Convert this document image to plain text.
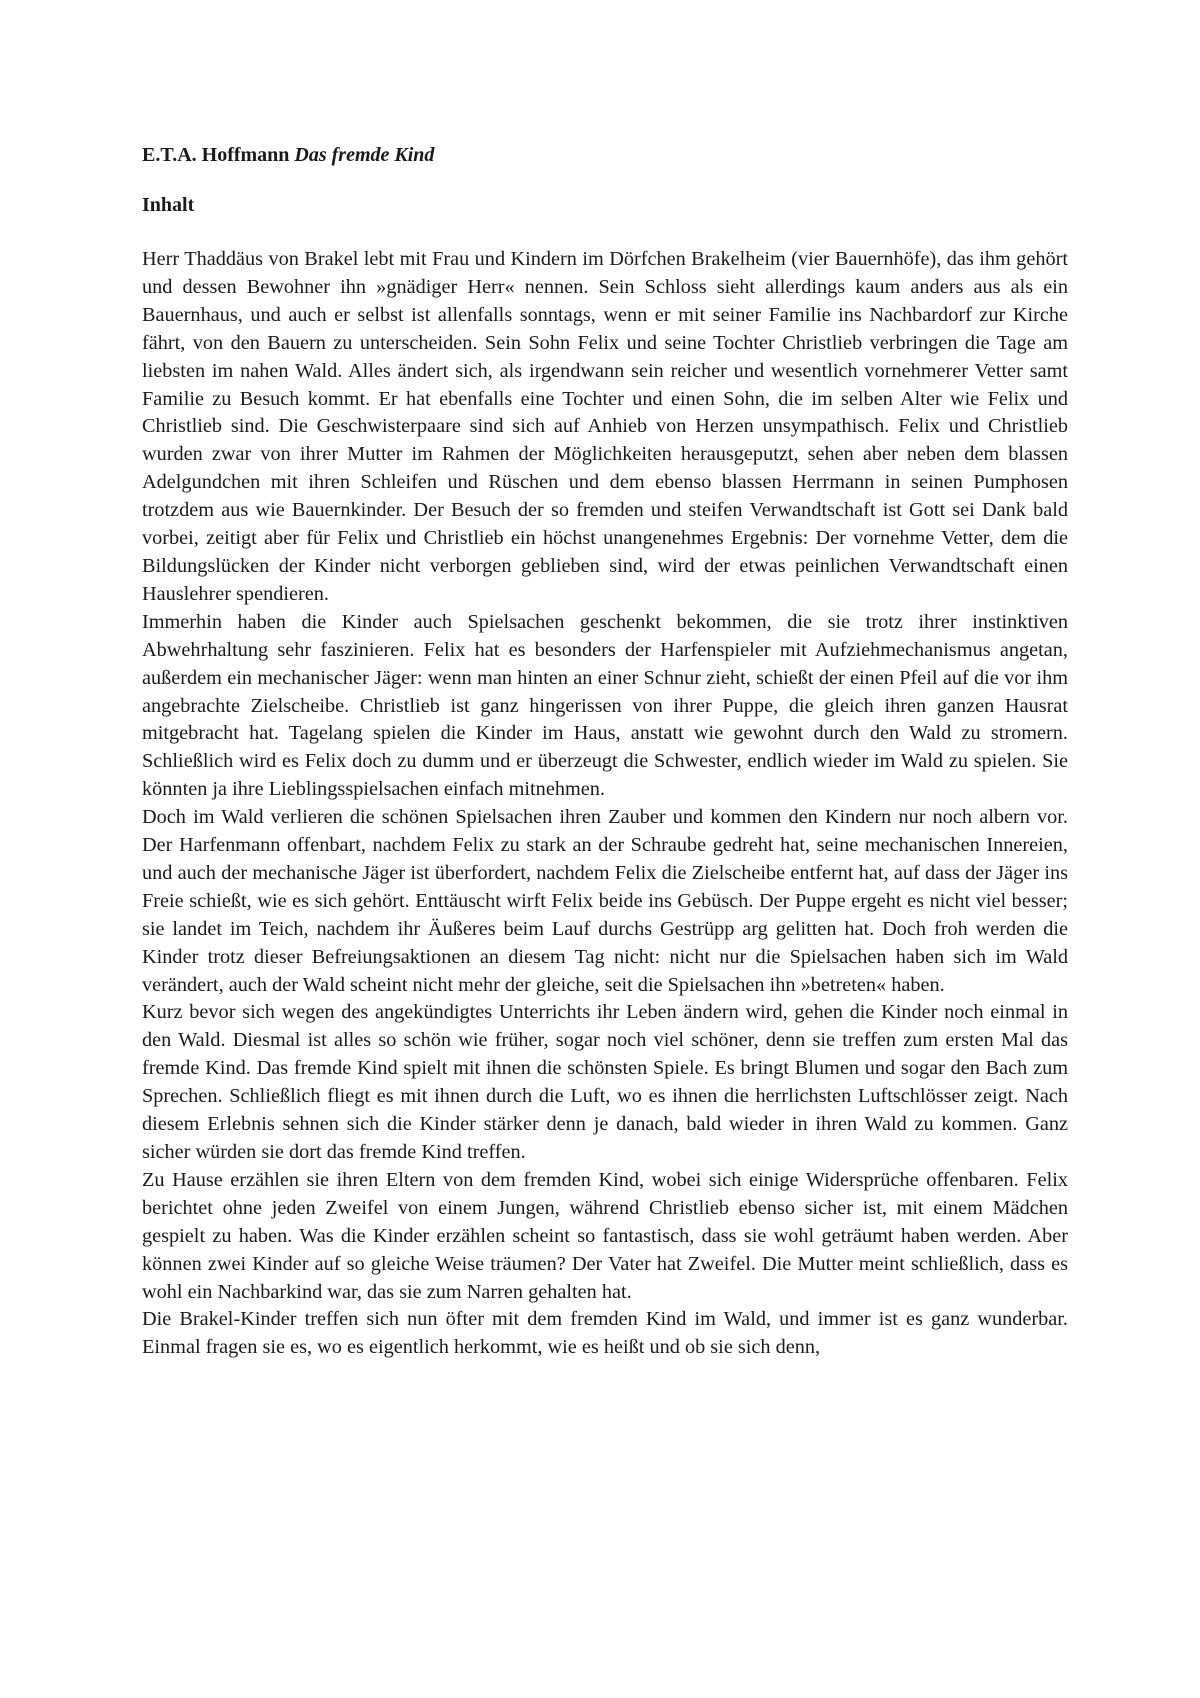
E.T.A. Hoffmann Das fremde Kind
Inhalt

Herr Thaddäus von Brakel lebt mit Frau und Kindern im Dörfchen Brakelheim (vier Bauernhöfe), das ihm gehört und dessen Bewohner ihn »gnädiger Herr« nennen. Sein Schloss sieht allerdings kaum anders aus als ein Bauernhaus, und auch er selbst ist allenfalls sonntags, wenn er mit seiner Familie ins Nachbardorf zur Kirche fährt, von den Bauern zu unterscheiden. Sein Sohn Felix und seine Tochter Christlieb verbringen die Tage am liebsten im nahen Wald. Alles ändert sich, als irgendwann sein reicher und wesentlich vornehmerer Vetter samt Familie zu Besuch kommt. Er hat ebenfalls eine Tochter und einen Sohn, die im selben Alter wie Felix und Christlieb sind. Die Geschwisterpaare sind sich auf Anhieb von Herzen unsympathisch. Felix und Christlieb wurden zwar von ihrer Mutter im Rahmen der Möglichkeiten herausgeputzt, sehen aber neben dem blassen Adelgundchen mit ihren Schleifen und Rüschen und dem ebenso blassen Herrmann in seinen Pumphosen trotzdem aus wie Bauernkinder. Der Besuch der so fremden und steifen Verwandtschaft ist Gott sei Dank bald vorbei, zeitigt aber für Felix und Christlieb ein höchst unangenehmes Ergebnis: Der vornehme Vetter, dem die Bildungslücken der Kinder nicht verborgen geblieben sind, wird der etwas peinlichen Verwandtschaft einen Hauslehrer spendieren.

Immerhin haben die Kinder auch Spielsachen geschenkt bekommen, die sie trotz ihrer instinktiven Abwehrhaltung sehr faszinieren. Felix hat es besonders der Harfenspieler mit Aufziehmechanismus angetan, außerdem ein mechanischer Jäger: wenn man hinten an einer Schnur zieht, schießt der einen Pfeil auf die vor ihm angebrachte Zielscheibe. Christlieb ist ganz hingerissen von ihrer Puppe, die gleich ihren ganzen Hausrat mitgebracht hat. Tagelang spielen die Kinder im Haus, anstatt wie gewohnt durch den Wald zu stromern. Schließlich wird es Felix doch zu dumm und er überzeugt die Schwester, endlich wieder im Wald zu spielen. Sie könnten ja ihre Lieblingsspielsachen einfach mitnehmen.

Doch im Wald verlieren die schönen Spielsachen ihren Zauber und kommen den Kindern nur noch albern vor. Der Harfenmann offenbart, nachdem Felix zu stark an der Schraube gedreht hat, seine mechanischen Innereien, und auch der mechanische Jäger ist überfordert, nachdem Felix die Zielscheibe entfernt hat, auf dass der Jäger ins Freie schießt, wie es sich gehört. Enttäuscht wirft Felix beide ins Gebüsch. Der Puppe ergeht es nicht viel besser; sie landet im Teich, nachdem ihr Äußeres beim Lauf durchs Gestrüpp arg gelitten hat. Doch froh werden die Kinder trotz dieser Befreiungsaktionen an diesem Tag nicht: nicht nur die Spielsachen haben sich im Wald verändert, auch der Wald scheint nicht mehr der gleiche, seit die Spielsachen ihn »betreten« haben.

Kurz bevor sich wegen des angekündigtes Unterrichts ihr Leben ändern wird, gehen die Kinder noch einmal in den Wald. Diesmal ist alles so schön wie früher, sogar noch viel schöner, denn sie treffen zum ersten Mal das fremde Kind. Das fremde Kind spielt mit ihnen die schönsten Spiele. Es bringt Blumen und sogar den Bach zum Sprechen. Schließlich fliegt es mit ihnen durch die Luft, wo es ihnen die herrlichsten Luftschlösser zeigt. Nach diesem Erlebnis sehnen sich die Kinder stärker denn je danach, bald wieder in ihren Wald zu kommen. Ganz sicher würden sie dort das fremde Kind treffen.

Zu Hause erzählen sie ihren Eltern von dem fremden Kind, wobei sich einige Widersprüche offenbaren. Felix berichtet ohne jeden Zweifel von einem Jungen, während Christlieb ebenso sicher ist, mit einem Mädchen gespielt zu haben. Was die Kinder erzählen scheint so fantastisch, dass sie wohl geträumt haben werden. Aber können zwei Kinder auf so gleiche Weise träumen? Der Vater hat Zweifel. Die Mutter meint schließlich, dass es wohl ein Nachbarkind war, das sie zum Narren gehalten hat.

Die Brakel-Kinder treffen sich nun öfter mit dem fremden Kind im Wald, und immer ist es ganz wunderbar. Einmal fragen sie es, wo es eigentlich herkommt, wie es heißt und ob sie sich denn,
